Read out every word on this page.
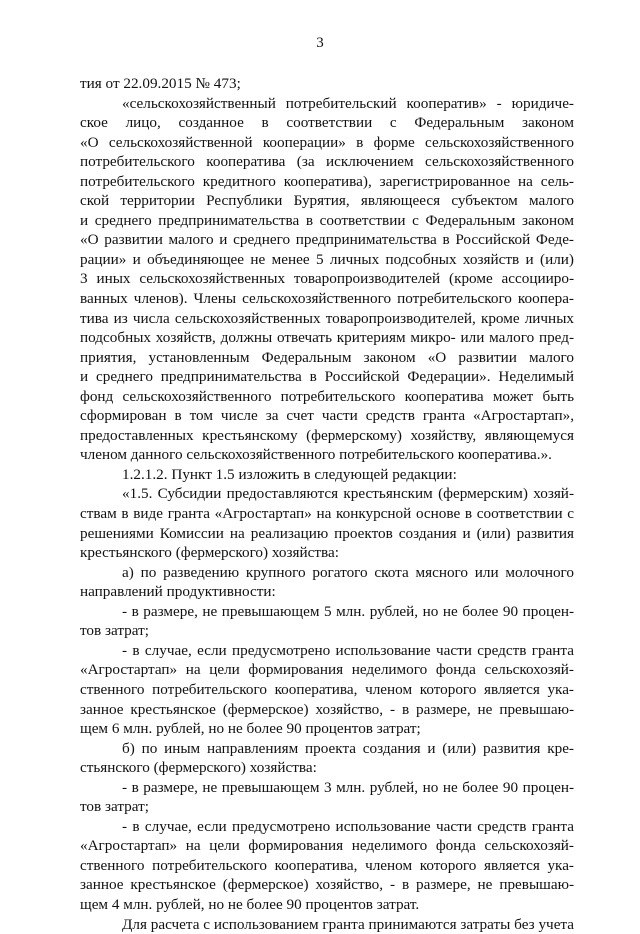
3
тия от 22.09.2015 № 473;
«сельскохозяйственный потребительский кооператив» - юридиче-
ское лицо, созданное в соответствии с Федеральным законом
«О сельскохозяйственной кооперации» в форме сельскохозяйственного
потребительского кооператива (за исключением сельскохозяйственного
потребительского кредитного кооператива), зарегистрированное на сель-
ской территории Республики Бурятия, являющееся субъектом малого
и среднего предпринимательства в соответствии с Федеральным законом
«О развитии малого и среднего предпринимательства в Российской Феде-
рации» и объединяющее не менее 5 личных подсобных хозяйств и (или)
3 иных сельскохозяйственных товаропроизводителей (кроме ассоцииро-
ванных членов). Члены сельскохозяйственного потребительского коопера-
тива из числа сельскохозяйственных товаропроизводителей, кроме личных
подсобных хозяйств, должны отвечать критериям микро- или малого пред-
приятия, установленным Федеральным законом «О развитии малого
и среднего предпринимательства в Российской Федерации». Неделимый
фонд сельскохозяйственного потребительского кооператива может быть
сформирован в том числе за счет части средств гранта «Агростартап»,
предоставленных крестьянскому (фермерскому) хозяйству, являющемуся
членом данного сельскохозяйственного потребительского кооператива.».
1.2.1.2. Пункт 1.5 изложить в следующей редакции:
«1.5. Субсидии предоставляются крестьянским (фермерским) хозяй-
ствам в виде гранта «Агростартап» на конкурсной основе в соответствии с
решениями Комиссии на реализацию проектов создания и (или) развития
крестьянского (фермерского) хозяйства:
а) по разведению крупного рогатого скота мясного или молочного
направлений продуктивности:
- в размере, не превышающем 5 млн. рублей, но не более 90 процен-
тов затрат;
- в случае, если предусмотрено использование части средств гранта
«Агростартап» на цели формирования неделимого фонда сельскохозяй-
ственного потребительского кооператива, членом которого является ука-
занное крестьянское (фермерское) хозяйство, - в размере, не превышаю-
щем 6 млн. рублей, но не более 90 процентов затрат;
б) по иным направлениям проекта создания и (или) развития кре-
стьянского (фермерского) хозяйства:
- в размере, не превышающем 3 млн. рублей, но не более 90 процен-
тов затрат;
- в случае, если предусмотрено использование части средств гранта
«Агростартап» на цели формирования неделимого фонда сельскохозяй-
ственного потребительского кооператива, членом которого является ука-
занное крестьянское (фермерское) хозяйство, - в размере, не превышаю-
щем 4 млн. рублей, но не более 90 процентов затрат.
Для расчета с использованием гранта принимаются затраты без учета
